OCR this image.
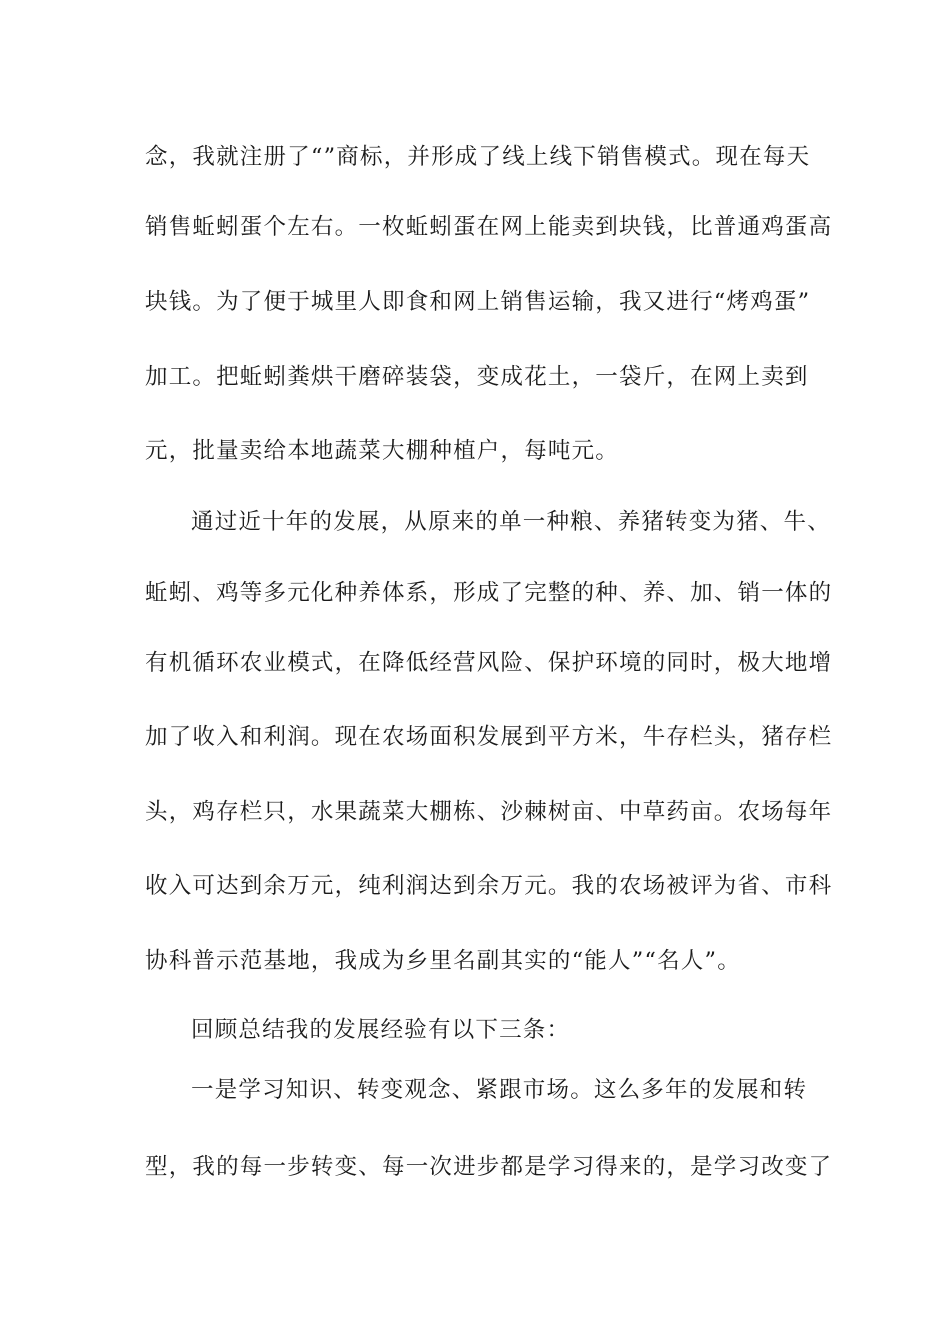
念，我就注册了“”商标，并形成了线上线下销售模式。现在每天
销售蚯蚓蛋个左右。一枚蚯蚓蛋在网上能卖到块钱，比普通鸡蛋高
块钱。为了便于城里人即食和网上销售运输，我又进行“烤鸡蛋”
加工。把蚯蚓粪烘干磨碎装袋，变成花土，一袋斤，在网上卖到
元，批量卖给本地蔬菜大棚种植户，每吨元。
通过近十年的发展，从原来的单一种粮、养猪转变为猪、牛、
蚯蚓、鸡等多元化种养体系，形成了完整的种、养、加、销一体的
有机循环农业模式，在降低经营风险、保护环境的同时，极大地增
加了收入和利润。现在农场面积发展到平方米，牛存栏头，猪存栏
头，鸡存栏只，水果蔬菜大棚栋、沙棘树亩、中草药亩。农场每年
收入可达到余万元，纯利润达到余万元。我的农场被评为省、市科
协科普示范基地，我成为乡里名副其实的“能人”“名人”。
回顾总结我的发展经验有以下三条：
一是学习知识、转变观念、紧跟市场。这么多年的发展和转
型，我的每一步转变、每一次进步都是学习得来的，是学习改变了
